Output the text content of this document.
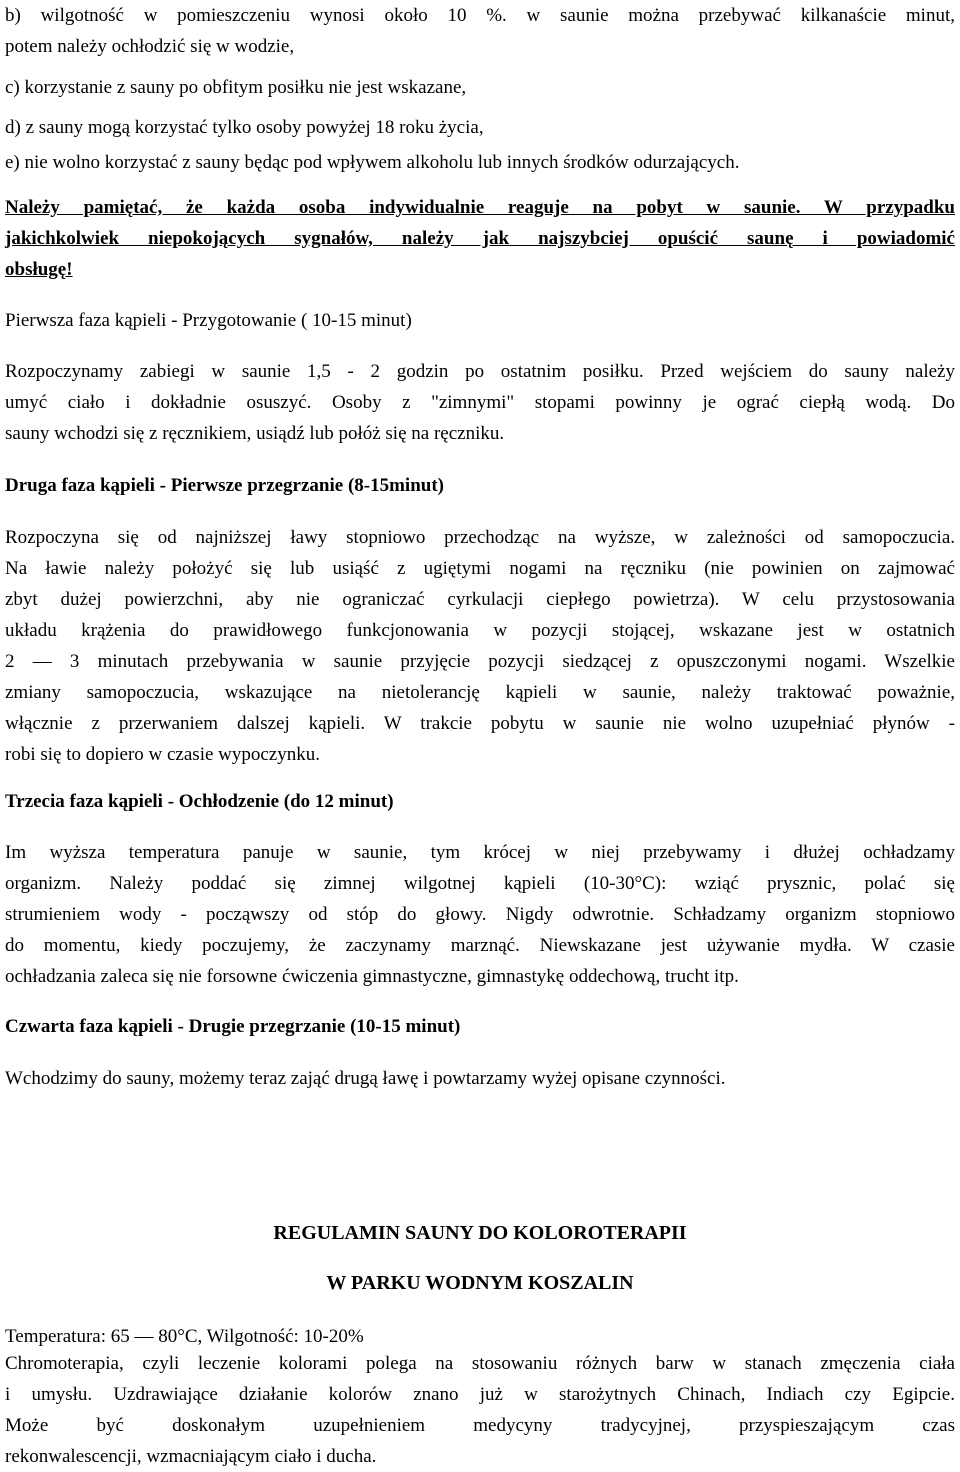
b) wilgotność w pomieszczeniu wynosi około 10 %. w saunie można przebywać kilkanaście minut,
potem należy ochłodzić się w wodzie,
c) korzystanie z sauny po obfitym posiłku nie jest wskazane,
d) z sauny mogą korzystać tylko osoby powyżej 18 roku życia,
e) nie wolno korzystać z sauny będąc pod wpływem alkoholu lub innych środków odurzających.
Należy pamiętać, że każda osoba indywidualnie reaguje na pobyt w saunie. W przypadku
jakichkolwiek niepokojących sygnałów, należy jak najszybciej opuścić saunę i powiadomić
obsługę!
Pierwsza faza kąpieli - Przygotowanie ( 10-15 minut)
Rozpoczynamy zabiegi w saunie 1,5 - 2 godzin po ostatnim posiłku. Przed wejściem do sauny należy
umyć ciało i dokładnie osuszyć. Osoby z "zimnymi" stopami powinny je ograć ciepłą wodą. Do
sauny wchodzi się z ręcznikiem, usiądź lub połóż się na ręczniku.
Druga faza kąpieli - Pierwsze przegrzanie (8-15minut)
Rozpoczyna się od najniższej ławy stopniowo przechodząc na wyższe, w zależności od samopoczucia.
Na ławie należy położyć się lub usiąść z ugiętymi nogami na ręczniku (nie powinien on zajmować
zbyt dużej powierzchni, aby nie ograniczać cyrkulacji ciepłego powietrza). W celu przystosowania
układu krążenia do prawidłowego funkcjonowania w pozycji stojącej, wskazane jest w ostatnich
2 — 3 minutach przebywania w saunie przyjęcie pozycji siedzącej z opuszczonymi nogami. Wszelkie
zmiany samopoczucia, wskazujące na nietolerancję kąpieli w saunie, należy traktować poważnie,
włącznie z przerwaniem dalszej kąpieli. W trakcie pobytu w saunie nie wolno uzupełniać płynów -
robi się to dopiero w czasie wypoczynku.
Trzecia faza kąpieli - Ochłodzenie (do 12 minut)
Im wyższa temperatura panuje w saunie, tym krócej w niej przebywamy i dłużej ochładzamy
organizm. Należy poddać się zimnej wilgotnej kąpieli (10-30°C): wziąć prysznic, polać się
strumieniem wody - począwszy od stóp do głowy. Nigdy odwrotnie. Schładzamy organizm stopniowo
do momentu, kiedy poczujemy, że zaczynamy marznąć. Niewskazane jest używanie mydła. W czasie
ochładzania zaleca się nie forsowne ćwiczenia gimnastyczne, gimnastykę oddechową, trucht itp.
Czwarta faza kąpieli - Drugie przegrzanie (10-15 minut)
Wchodzimy do sauny, możemy teraz zająć drugą ławę i powtarzamy wyżej opisane czynności.
REGULAMIN SAUNY DO KOLOROTERAPII
W PARKU WODNYM KOSZALIN
Temperatura: 65 — 80°C, Wilgotność: 10-20%
Chromoterapia, czyli leczenie kolorami polega na stosowaniu różnych barw w stanach zmęczenia ciała
i umysłu. Uzdrawiające działanie kolorów znano już w starożytnych Chinach, Indiach czy Egipcie.
Może być doskonałym uzupełnieniem medycyny tradycyjnej, przyspieszającym czas
rekonwalescencji, wzmacniającym ciało i ducha.
